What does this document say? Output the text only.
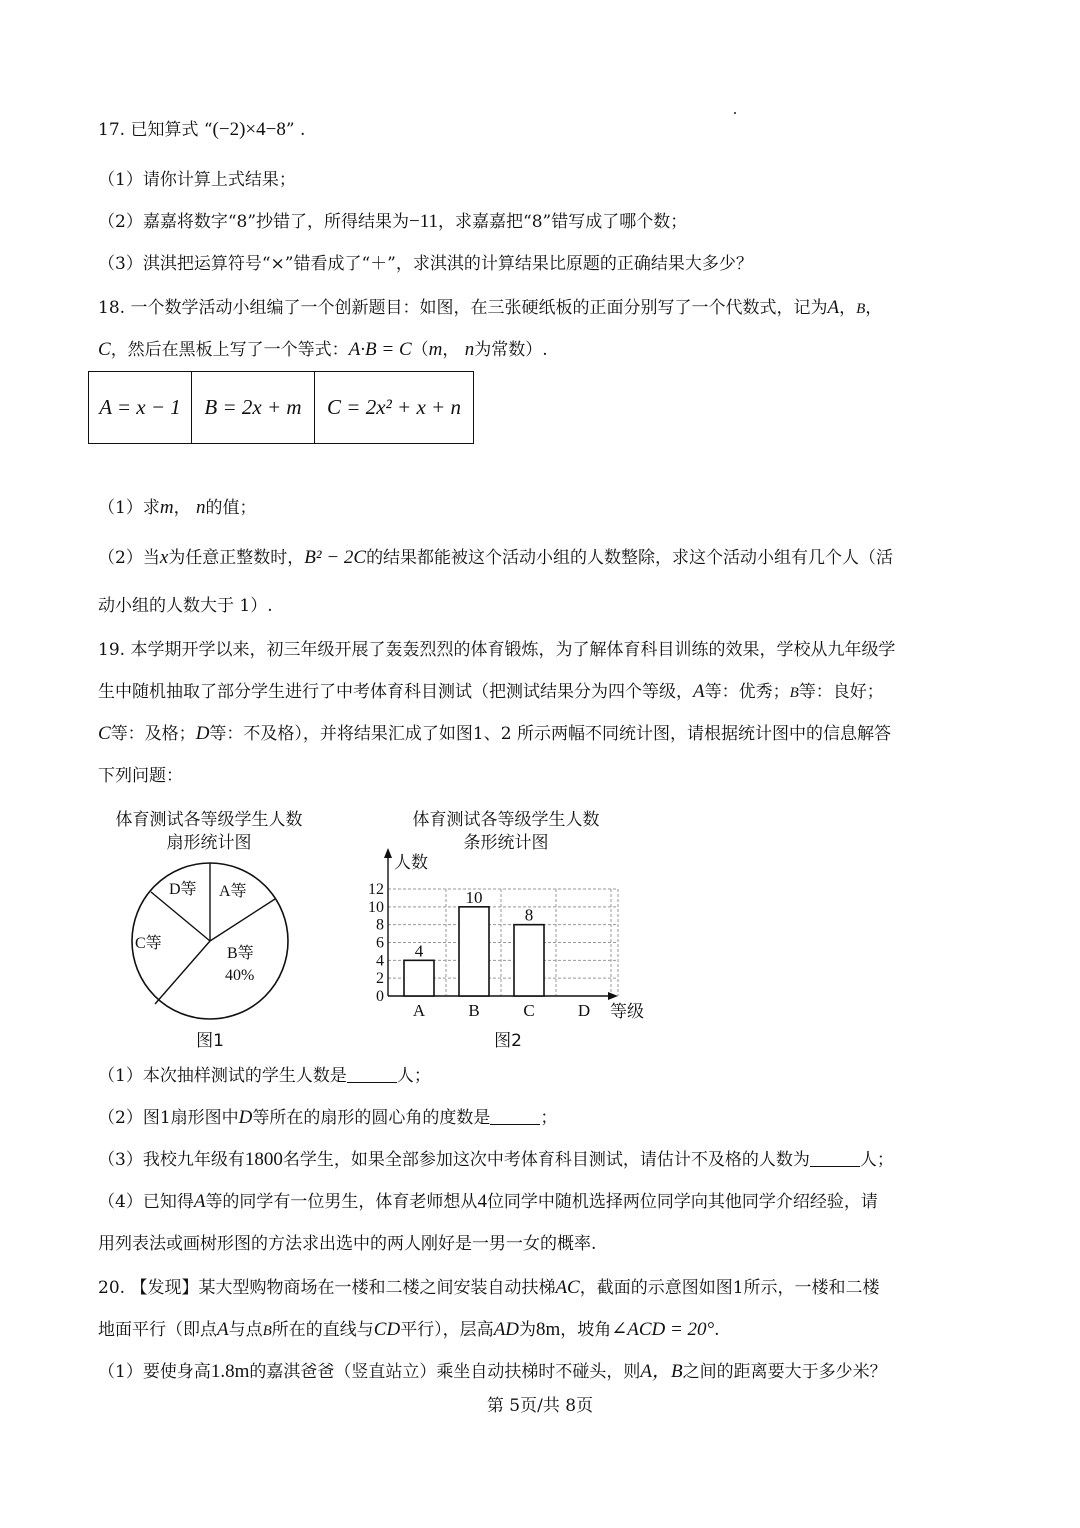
17. 已知算式 “(−2)×4−8” .
（1）请你计算上式结果；
（2）嘉嘉将数字“8”抄错了，所得结果为−11，求嘉嘉把“8”错写成了哪个数；
（3）淇淇把运算符号“×”错看成了“＋”，求淇淇的计算结果比原题的正确结果大多少？
18. 一个数学活动小组编了一个创新题目：如图，在三张硬纸板的正面分别写了一个代数式，记为A，B，
C，然后在黑板上写了一个等式：A·B = C（m， n为常数）.
A = x − 1	B = 2x + m	C = 2x² + x + n
（1）求m， n的值；
（2）当x为任意正整数时，B² − 2C的结果都能被这个活动小组的人数整除，求这个活动小组有几个人（活
动小组的人数大于 1）.
19. 本学期开学以来，初三年级开展了轰轰烈烈的体育锻炼，为了解体育科目训练的效果，学校从九年级学
生中随机抽取了部分学生进行了中考体育科目测试（把测试结果分为四个等级，A等：优秀；B等：良好；
C等：及格；D等：不及格），并将结果汇成了如图1、2 所示两幅不同统计图，请根据统计图中的信息解答
下列问题：
体育测试各等级学生人数
扇形统计图
D等 A等
C等
B等
40%
图1
体育测试各等级学生人数
条形统计图
人数
等级
0
2
4
6
8
10
12
A	B	C	D
4
10
8
图2
（1）本次抽样测试的学生人数是	人；
（2）图1扇形图中D等所在的扇形的圆心角的度数是	；
（3）我校九年级有1800名学生，如果全部参加这次中考体育科目测试，请估计不及格的人数为	人；
（4）已知得A等的同学有一位男生，体育老师想从4位同学中随机选择两位同学向其他同学介绍经验，请
用列表法或画树形图的方法求出选中的两人刚好是一男一女的概率.
20. 【发现】某大型购物商场在一楼和二楼之间安装自动扶梯AC，截面的示意图如图1所示，一楼和二楼
地面平行（即点A与点B所在的直线与CD平行），层高AD为8m，坡角∠ACD = 20°.
（1）要使身高1.8m的嘉淇爸爸（竖直站立）乘坐自动扶梯时不碰头，则A，B之间的距离要大于多少米？
第 5页/共 8页
